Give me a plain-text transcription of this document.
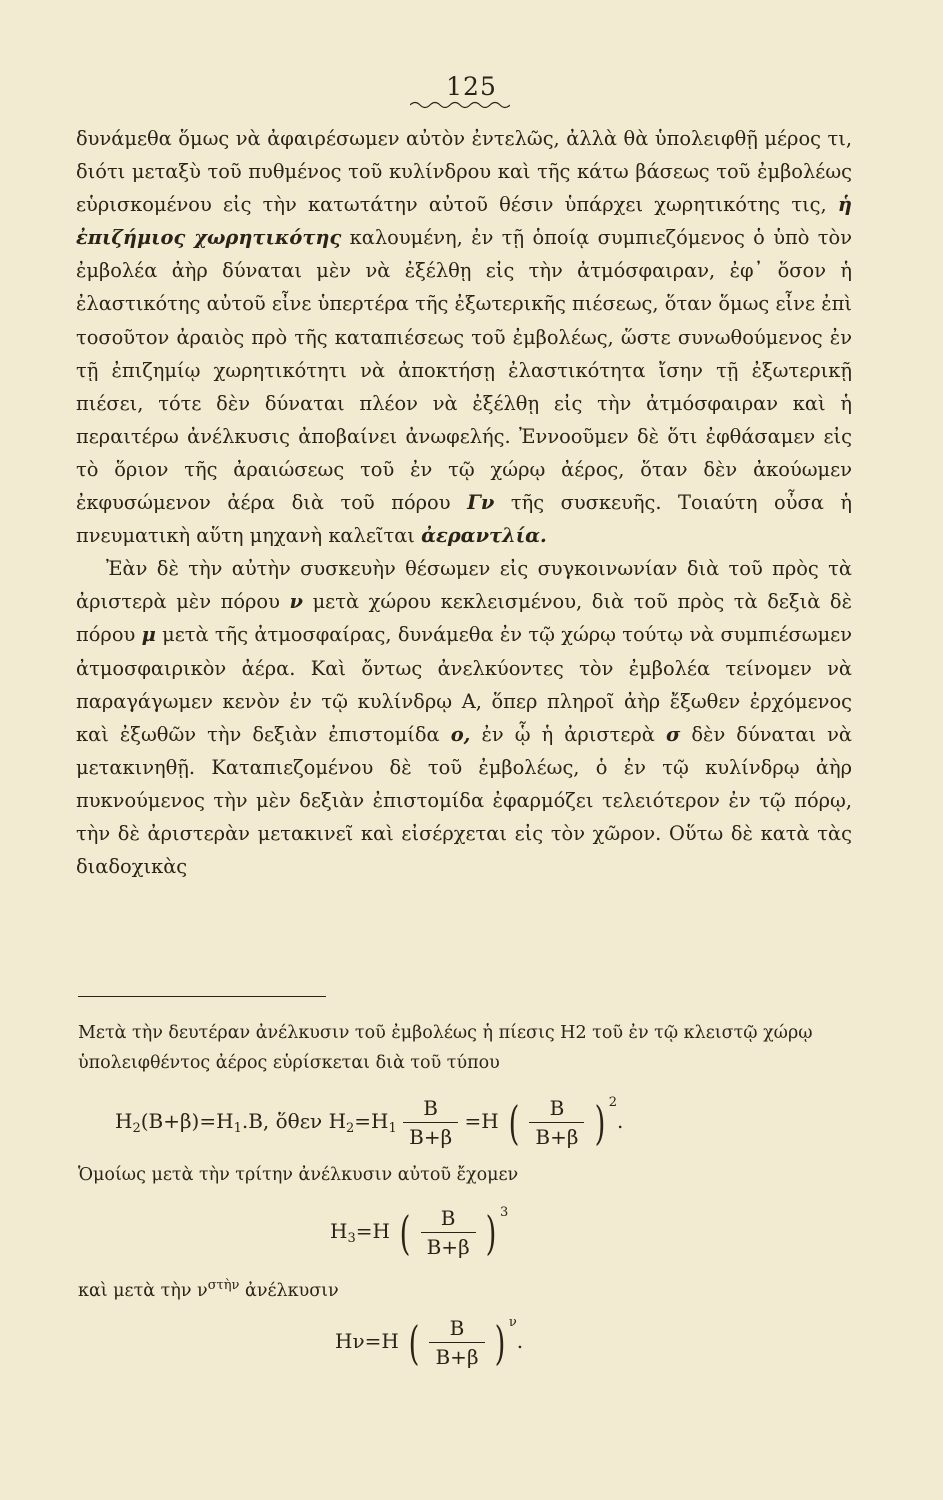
125

δυνάμεθα ὅμως νὰ ἀφαιρέσωμεν αὐτὸν ἐντελῶς, ἀλλὰ θὰ ὑπολειφθῇ μέρος τι, διότι μεταξὺ τοῦ πυθμένος τοῦ κυλίνδρου καὶ τῆς κάτω βάσεως τοῦ ἐμβολέως εὑρισκομένου εἰς τὴν κατωτάτην αὐτοῦ θέσιν ὑπάρχει χωρητικότης τις, ἡ ἐπιζήμιος χωρητικότης καλουμένη, ἐν τῇ ὁποίᾳ συμπιεζόμενος ὁ ὑπὸ τὸν ἐμβολέα ἀὴρ δύναται μὲν νὰ ἐξέλθῃ εἰς τὴν ἀτμόσφαιραν, ἐφ᾿ ὅσον ἡ ἐλαστικότης αὐτοῦ εἶνε ὑπερτέρα τῆς ἐξωτερικῆς πιέσεως, ὅταν ὅμως εἶνε ἐπὶ τοσοῦτον ἀραιὸς πρὸ τῆς καταπιέσεως τοῦ ἐμβολέως, ὥστε συνωθούμενος ἐν τῇ ἐπιζημίῳ χωρητικότητι νὰ ἀποκτήσῃ ἐλαστικότητα ἴσην τῇ ἐξωτερικῇ πιέσει, τότε δὲν δύναται πλέον νὰ ἐξέλθῃ εἰς τὴν ἀτμόσφαιραν καὶ ἡ περαιτέρω ἀνέλκυσις ἀποβαίνει ἀνωφελής. Ἐννοοῦμεν δὲ ὅτι ἐφθάσαμεν εἰς τὸ ὅριον τῆς ἀραιώσεως τοῦ ἐν τῷ χώρῳ ἀέρος, ὅταν δὲν ἀκούωμεν ἐκφυσώμενον ἀέρα διὰ τοῦ πόρου Γν τῆς συσκευῆς. Τοιαύτη οὖσα ἡ πνευματικὴ αὕτη μηχανὴ καλεῖται ἀεραντλία.

Ἐὰν δὲ τὴν αὐτὴν συσκευὴν θέσωμεν εἰς συγκοινωνίαν διὰ τοῦ πρὸς τὰ ἀριστερὰ μὲν πόρου ν μετὰ χώρου κεκλεισμένου, διὰ τοῦ πρὸς τὰ δεξιὰ δὲ πόρου μ μετὰ τῆς ἀτμοσφαίρας, δυνάμεθα ἐν τῷ χώρῳ τούτῳ νὰ συμπιέσωμεν ἀτμοσφαιρικὸν ἀέρα. Καὶ ὄντως ἀνελκύοντες τὸν ἐμβολέα τείνομεν νὰ παραγάγωμεν κενὸν ἐν τῷ κυλίνδρῳ Α, ὅπερ πληροῖ ἀὴρ ἔξωθεν ἐρχόμενος καὶ ἐξωθῶν τὴν δεξιὰν ἐπιστομίδα ο, ἐν ᾧ ἡ ἀριστερὰ σ δὲν δύναται νὰ μετακινηθῇ. Καταπιεζομένου δὲ τοῦ ἐμβολέως, ὁ ἐν τῷ κυλίνδρῳ ἀὴρ πυκνούμενος τὴν μὲν δεξιὰν ἐπιστομίδα ἐφαρμόζει τελειότερον ἐν τῷ πόρῳ, τὴν δὲ ἀριστερὰν μετακινεῖ καὶ εἰσέρχεται εἰς τὸν χῶρον. Οὕτω δὲ κατὰ τὰς διαδοχικὰς

Μετὰ τὴν δευτέραν ἀνέλκυσιν τοῦ ἐμβολέως ἡ πίεσις Η2 τοῦ ἐν τῷ κλειστῷ χώρῳ ὑπολειφθέντος ἀέρος εὑρίσκεται διὰ τοῦ τύπου
$H_2(B+\beta)=H_1.B$, ὅθεν $H_2=H_1 \frac{B}{B+\beta} =H$ ( $\frac{B}{B+\beta}$ ) $^2$.
Ὁμοίως μετὰ τὴν τρίτην ἀνέλκυσιν αὐτοῦ ἔχομεν
$H_3=H$ ( $\frac{B}{B+\beta}$ ) $^3$
καὶ μετὰ τὴν $\nu^{\sigma\tau ὴ\nu}$ ἀνέλκυσιν
Ην=Η ( $\frac{B}{B+\beta}$ ) $^\nu$.
